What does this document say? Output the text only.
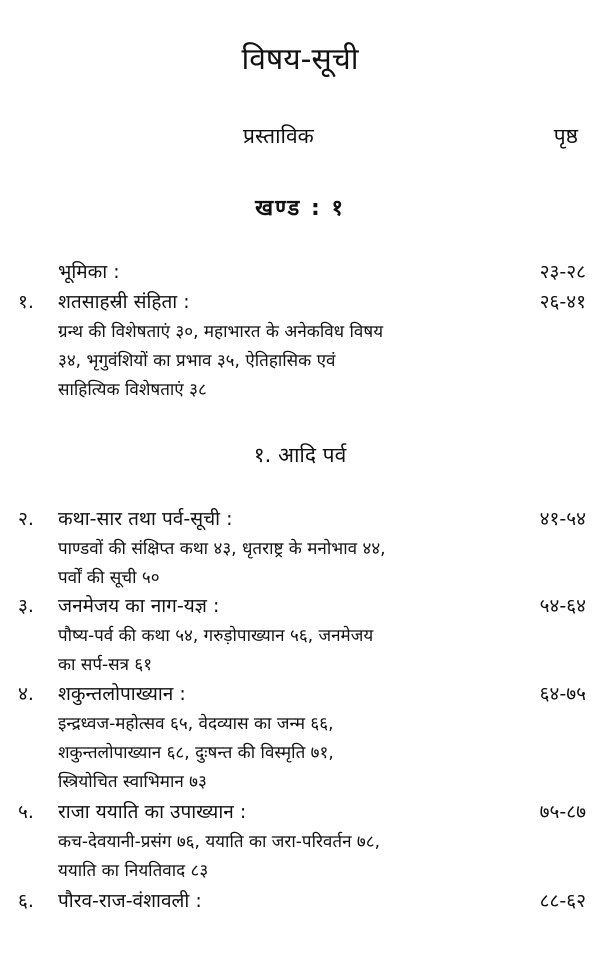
विषय-सूची
प्रस्ताविक	पृष्ठ
खण्ड : १
भूमिका :	२३-२८
१.	शतसाहस्री संहिता :	२६-४१
ग्रन्थ की विशेषताएं ३०, महाभारत के अनेकविध विषय
३४, भृगुवंशियों का प्रभाव ३५, ऐतिहासिक एवं
साहित्यिक विशेषताएं ३८
१. आदि पर्व
२.	कथा-सार तथा पर्व-सूची :	४१-५४
पाण्डवों की संक्षिप्त कथा ४३, धृतराष्ट्र के मनोभाव ४४,
पर्वों की सूची ५०
३.	जनमेजय का नाग-यज्ञ :	५४-६४
पौष्य-पर्व की कथा ५४, गरुड़ोपाख्यान ५६, जनमेजय
का सर्प-सत्र ६१
४.	शकुन्तलोपाख्यान :	६४-७५
इन्द्रध्वज-महोत्सव ६५, वेदव्यास का जन्म ६६,
शकुन्तलोपाख्यान ६८, दुःषन्त की विस्मृति ७१,
स्त्रियोचित स्वाभिमान ७३
५.	राजा ययाति का उपाख्यान :	७५-८७
कच-देवयानी-प्रसंग ७६, ययाति का जरा-परिवर्तन ७८,
ययाति का नियतिवाद ८३
६.	पौरव-राज-वंशावली :	८८-६२
